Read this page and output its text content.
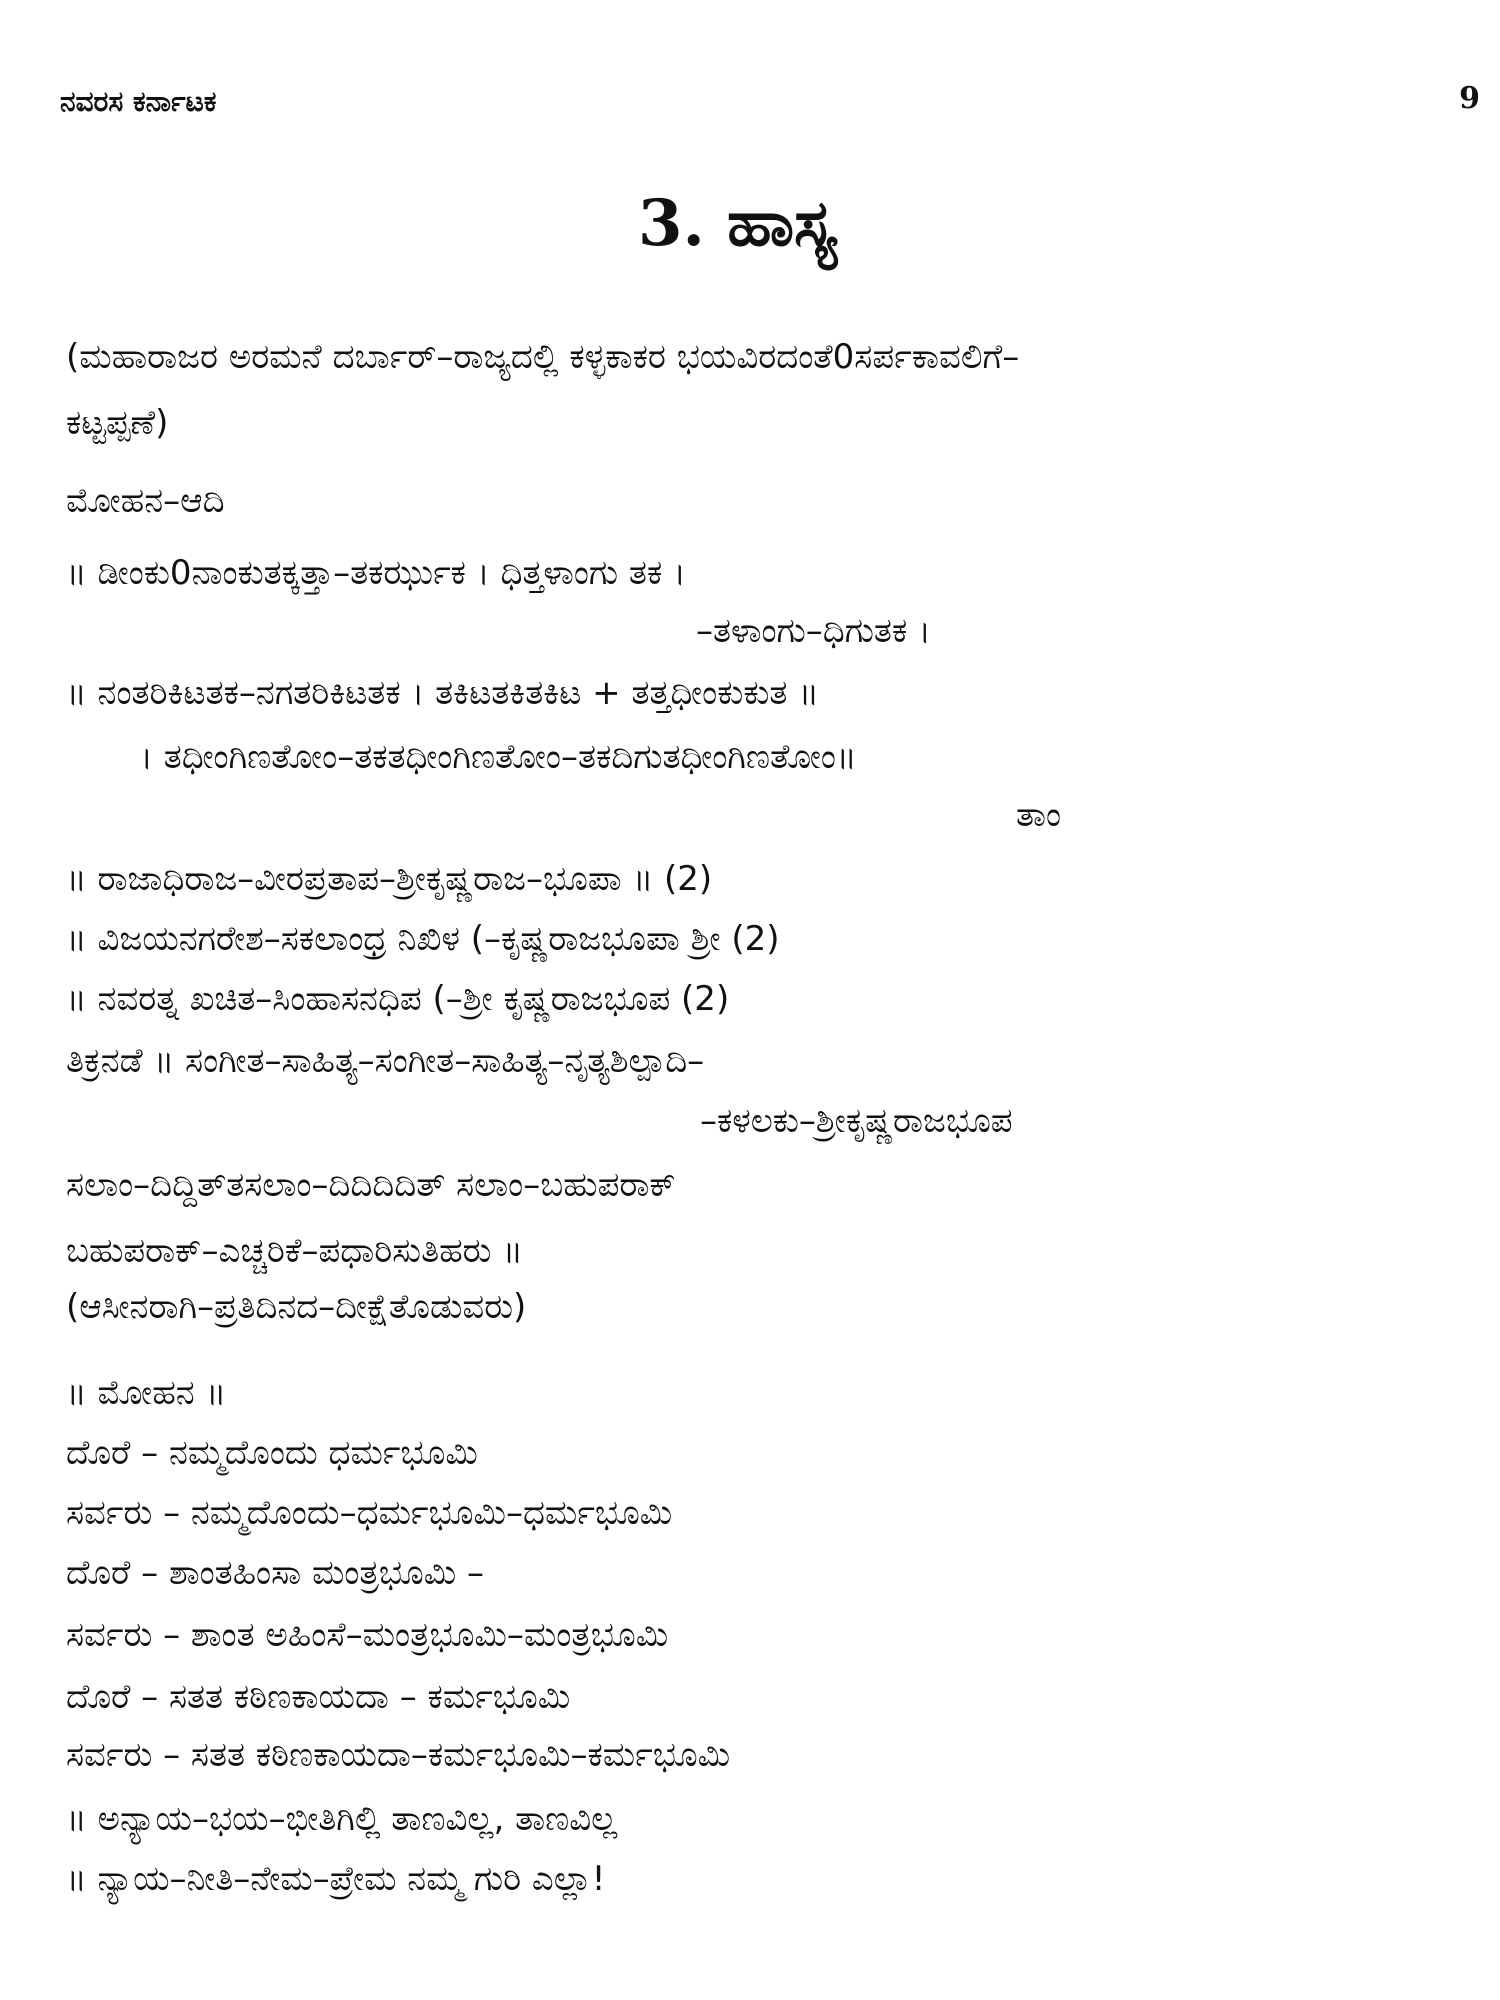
ನವರಸ ಕರ್ನಾಟಕ	9
3. ಹಾಸ್ಯ
(ಮಹಾರಾಜರ ಅರಮನೆ ದರ್ಬಾರ್–ರಾಜ್ಯದಲ್ಲಿ ಕಳ್ಳಕಾಕರ ಭಯವಿರದಂತೆ0ಸರ್ಪಕಾವಲಿಗೆ–
ಕಟ್ಟಪ್ಪಣೆ)
ಮೋಹನ–ಆದಿ
॥ ಡೀಂಕು0ನಾಂಕುತಕ್ಕತ್ತಾ–ತಕರ್ಝುಕ । ಧಿತ್ತಳಾಂಗು ತಕ ।
–ತಳಾಂಗು–ಧಿಗುತಕ ।
॥ ನಂತರಿಕಿಟತಕ–ನಗತರಿಕಿಟತಕ । ತಕಿಟತಕಿತಕಿಟ + ತತ್ತಧೀಂಕುಕುತ ॥
। ತಧೀಂಗಿಣತೋಂ–ತಕತಧೀಂಗಿಣತೋಂ–ತಕದಿಗುತಧೀಂಗಿಣತೋಂ॥
ತಾಂ
॥ ರಾಜಾಧಿರಾಜ–ವೀರಪ್ರತಾಪ–ಶ್ರೀಕೃಷ್ಣರಾಜ–ಭೂಪಾ ॥ (2)
॥ ವಿಜಯನಗರೇಶ–ಸಕಲಾಂಧ್ರ ನಿಖಿಳ (–ಕೃಷ್ಣರಾಜಭೂಪಾ ಶ್ರೀ (2)
॥ ನವರತ್ನ ಖಚಿತ–ಸಿಂಹಾಸನಧಿಪ (–ಶ್ರೀ ಕೃಷ್ಣರಾಜಭೂಪ (2)
ತಿಕ್ರನಡೆ ॥ ಸಂಗೀತ–ಸಾಹಿತ್ಯ–ಸಂಗೀತ–ಸಾಹಿತ್ಯ–ನೃತ್ಯಶಿಲ್ಪಾದಿ–
–ಕಳಲಕು–ಶ್ರೀಕೃಷ್ಣರಾಜಭೂಪ
ಸಲಾಂ–ದಿದ್ದಿತ್‌ತಸಲಾಂ–ದಿದಿದಿದಿತ್ ಸಲಾಂ–ಬಹುಪರಾಕ್
ಬಹುಪರಾಕ್–ಎಚ್ಚರಿಕೆ–ಪಧಾರಿಸುತಿಹರು ॥
(ಆಸೀನರಾಗಿ–ಪ್ರತಿದಿನದ–ದೀಕ್ಷೆತೊಡುವರು)
॥ ಮೋಹನ ॥
ದೊರೆ – ನಮ್ಮದೊಂದು ಧರ್ಮಭೂಮಿ
ಸರ್ವರು – ನಮ್ಮದೊಂದು–ಧರ್ಮಭೂಮಿ–ಧರ್ಮಭೂಮಿ
ದೊರೆ – ಶಾಂತಹಿಂಸಾ ಮಂತ್ರಭೂಮಿ –
ಸರ್ವರು – ಶಾಂತ ಅಹಿಂಸೆ–ಮಂತ್ರಭೂಮಿ–ಮಂತ್ರಭೂಮಿ
ದೊರೆ – ಸತತ ಕಠಿಣಕಾಯದಾ – ಕರ್ಮಭೂಮಿ
ಸರ್ವರು – ಸತತ ಕಠಿಣಕಾಯದಾ–ಕರ್ಮಭೂಮಿ–ಕರ್ಮಭೂಮಿ
॥ ಅನ್ಯಾಯ–ಭಯ–ಭೀತಿಗಿಲ್ಲಿ ತಾಣವಿಲ್ಲ, ತಾಣವಿಲ್ಲ
॥ ನ್ಯಾಯ–ನೀತಿ–ನೇಮ–ಪ್ರೇಮ ನಮ್ಮ ಗುರಿ ಎಲ್ಲಾ!
